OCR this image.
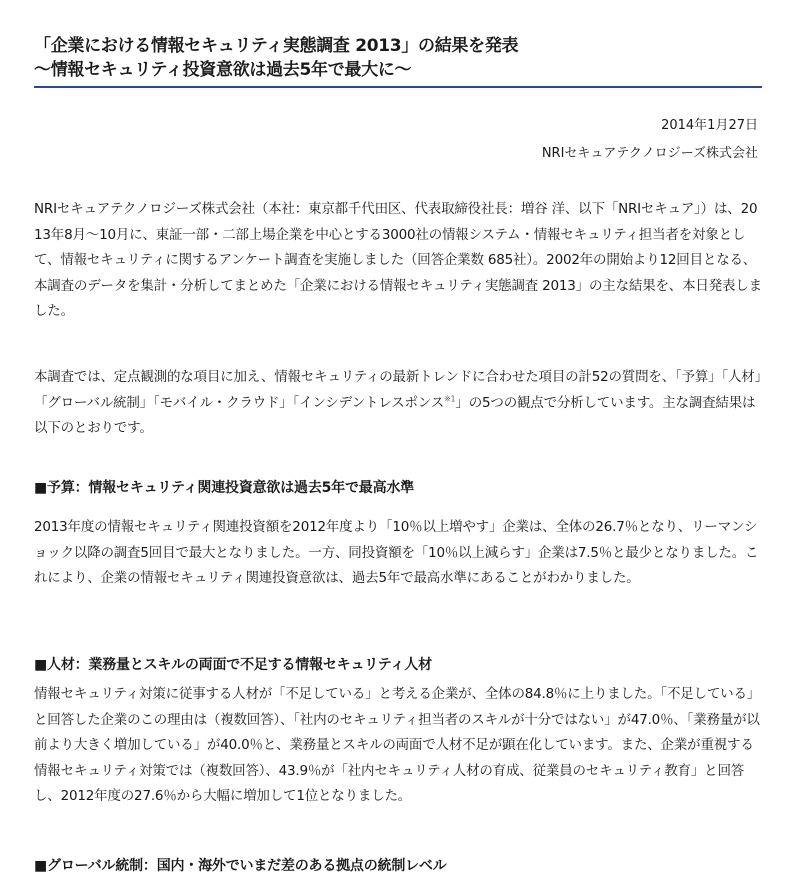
「企業における情報セキュリティ実態調査 2013」の結果を発表
～情報セキュリティ投資意欲は過去5年で最大に～
2014年1月27日
NRIセキュアテクノロジーズ株式会社

NRIセキュアテクノロジーズ株式会社（本社：東京都千代田区、代表取締役社長：増谷 洋、以下「NRIセキュア」）は、2013年8月～10月に、東証一部・二部上場企業を中心とする3000社の情報システム・情報セキュリティ担当者を対象として、情報セキュリティに関するアンケート調査を実施しました（回答企業数 685社）。2002年の開始より12回目となる、本調査のデータを集計・分析してまとめた「企業における情報セキュリティ実態調査 2013」の主な結果を、本日発表しました。

本調査では、定点観測的な項目に加え、情報セキュリティの最新トレンドに合わせた項目の計52の質問を、「予算」「人材」「グローバル統制」「モバイル・クラウド」「インシデントレスポンス$^{※1}$」の5つの観点で分析しています。主な調査結果は以下のとおりです。

■予算：情報セキュリティ関連投資意欲は過去5年で最高水準

2013年度の情報セキュリティ関連投資額を2012年度より「10％以上増やす」企業は、全体の26.7％となり、リーマンショック以降の調査5回目で最大となりました。一方、同投資額を「10％以上減らす」企業は7.5％と最少となりました。これにより、企業の情報セキュリティ関連投資意欲は、過去5年で最高水準にあることがわかりました。

■人材：業務量とスキルの両面で不足する情報セキュリティ人材

情報セキュリティ対策に従事する人材が「不足している」と考える企業が、全体の84.8％に上りました。「不足している」と回答した企業のこの理由は（複数回答）、「社内のセキュリティ担当者のスキルが十分ではない」が47.0％、「業務量が以前より大きく増加している」が40.0％と、業務量とスキルの両面で人材不足が顕在化しています。また、企業が重視する情報セキュリティ対策では（複数回答）、43.9％が「社内セキュリティ人材の育成、従業員のセキュリティ教育」と回答し、2012年度の27.6％から大幅に増加して1位となりました。

■グローバル統制：国内・海外でいまだ差のある拠点の統制レベル
